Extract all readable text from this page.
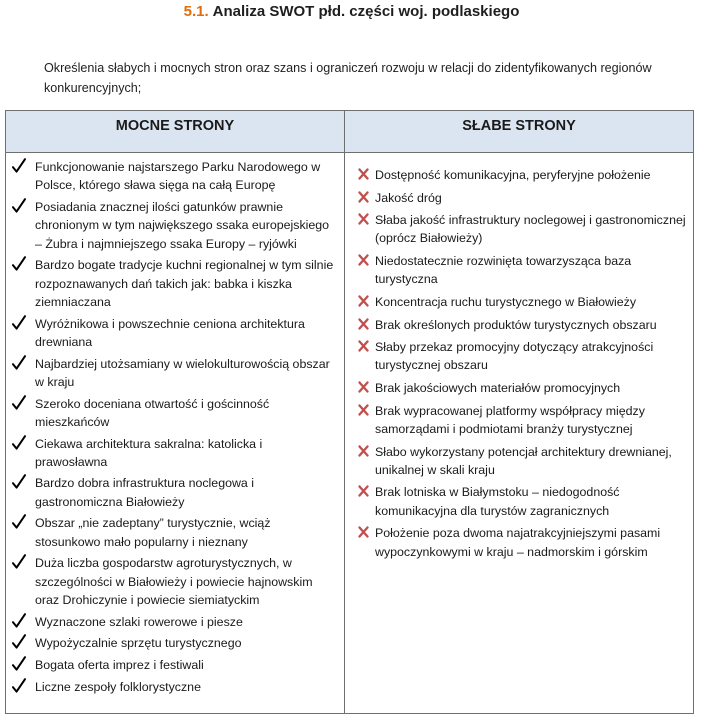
5.1. Analiza SWOT płd. części woj. podlaskiego
Określenia słabych i mocnych stron oraz szans i ograniczeń rozwoju w relacji do zidentyfikowanych regionów konkurencyjnych;
MOCNE STRONY	SŁABE STRONY
Funkcjonowanie najstarszego Parku Narodowego w Polsce, którego sława sięga na całą Europę
Posiadania znacznej ilości gatunków prawnie chronionym w tym największego ssaka europejskiego – Żubra i najmniejszego ssaka Europy – ryjówki
Bardzo bogate tradycje kuchni regionalnej w tym silnie rozpoznawanych dań takich jak: babka i kiszka ziemniaczana
Wyróżnikowa i powszechnie ceniona architektura drewniana
Najbardziej utożsamiany w wielokulturowością obszar w kraju
Szeroko doceniana otwartość i gościnność mieszkańców
Ciekawa architektura sakralna: katolicka i prawosławna
Bardzo dobra infrastruktura noclegowa i gastronomiczna Białowieży
Obszar „nie zadeptany” turystycznie, wciąż stosunkowo mało popularny i nieznany
Duża liczba gospodarstw agroturystycznych, w szczególności w Białowieży i powiecie hajnowskim oraz Drohiczynie i powiecie siemiatyckim
Wyznaczone szlaki rowerowe i piesze
Wypożyczalnie sprzętu turystycznego
Bogata oferta imprez i festiwali
Liczne zespoły folklorystyczne
Dostępność komunikacyjna, peryferyjne położenie
Jakość dróg
Słaba jakość infrastruktury noclegowej i gastronomicznej (oprócz Białowieży)
Niedostatecznie rozwinięta towarzysząca baza turystyczna
Koncentracja ruchu turystycznego w Białowieży
Brak określonych produktów turystycznych obszaru
Słaby przekaz promocyjny dotyczący atrakcyjności turystycznej obszaru
Brak jakościowych materiałów promocyjnych
Brak wypracowanej platformy współpracy między samorządami i podmiotami branży turystycznej
Słabo wykorzystany potencjał architektury drewnianej, unikalnej w skali kraju
Brak lotniska w Białymstoku – niedogodność komunikacyjna dla turystów zagranicznych
Położenie poza dwoma najatrakcyjniejszymi pasami wypoczynkowymi w kraju – nadmorskim i górskim
